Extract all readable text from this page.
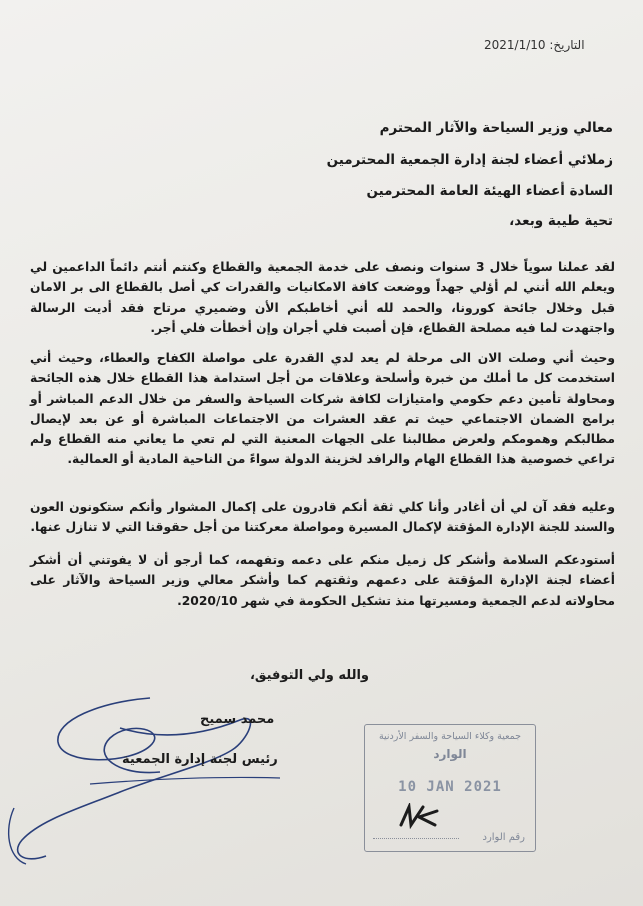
التاريخ: 2021/1/10
معالي وزير السياحة والآثار المحترم
زملائي أعضاء لجنة إدارة الجمعية المحترمين
السادة أعضاء الهيئة العامة المحترمين
تحية طيبة وبعد،
لقد عملنا سوياً خلال 3 سنوات ونصف على خدمة الجمعية والقطاع وكنتم أنتم دائماً الداعمين لي ويعلم الله أنني لم أؤلي جهداً ووضعت كافة الامكانيات والقدرات كي أصل بالقطاع الى بر الامان قبل وخلال جائحة كورونا، والحمد لله أني أخاطبكم الأن وضميري مرتاح فقد أديت الرسالة واجتهدت لما فيه مصلحة القطاع، فإن أصبت فلي أجران وإن أخطأت فلي أجر.
وحيث أني وصلت الان الى مرحلة لم يعد لدي القدرة على مواصلة الكفاح والعطاء، وحيث أني استخدمت كل ما أملك من خبرة وأسلحة وعلاقات من أجل استدامة هذا القطاع خلال هذه الجائحة ومحاولة تأمين دعم حكومي وامتيازات لكافة شركات السياحة والسفر من خلال الدعم المباشر أو برامج الضمان الاجتماعي حيث تم عقد العشرات من الاجتماعات المباشرة أو عن بعد لإيصال مطالبكم وهمومكم ولعرض مطالبنا على الجهات المعنية التي لم تعي ما يعاني منه القطاع ولم تراعي خصوصية هذا القطاع الهام والرافد لخزينة الدولة سواءً من الناحية المادية أو العمالية.
وعليه فقد آن لي أن أغادر وأنا كلي ثقة أنكم قادرون على إكمال المشوار وأنكم ستكونون العون والسند للجنة الإدارة المؤقتة لإكمال المسيرة ومواصلة معركتنا من أجل حقوقنا التي لا تنازل عنها.
أستودعكم السلامة وأشكر كل زميل منكم على دعمه وتفهمه، كما أرجو أن لا يفوتني أن أشكر أعضاء لجنة الإدارة المؤقتة على دعمهم وثقتهم كما وأشكر معالي وزير السياحة والآثار على محاولاته لدعم الجمعية ومسيرتها منذ تشكيل الحكومة في شهر 2020/10.
والله ولي التوفيق،
محمد سميح
رئيس لجنة إدارة الجمعية
جمعية وكلاء السياحة والسفر الأردنية
الوارد
10 JAN 2021
رقم الوارد
